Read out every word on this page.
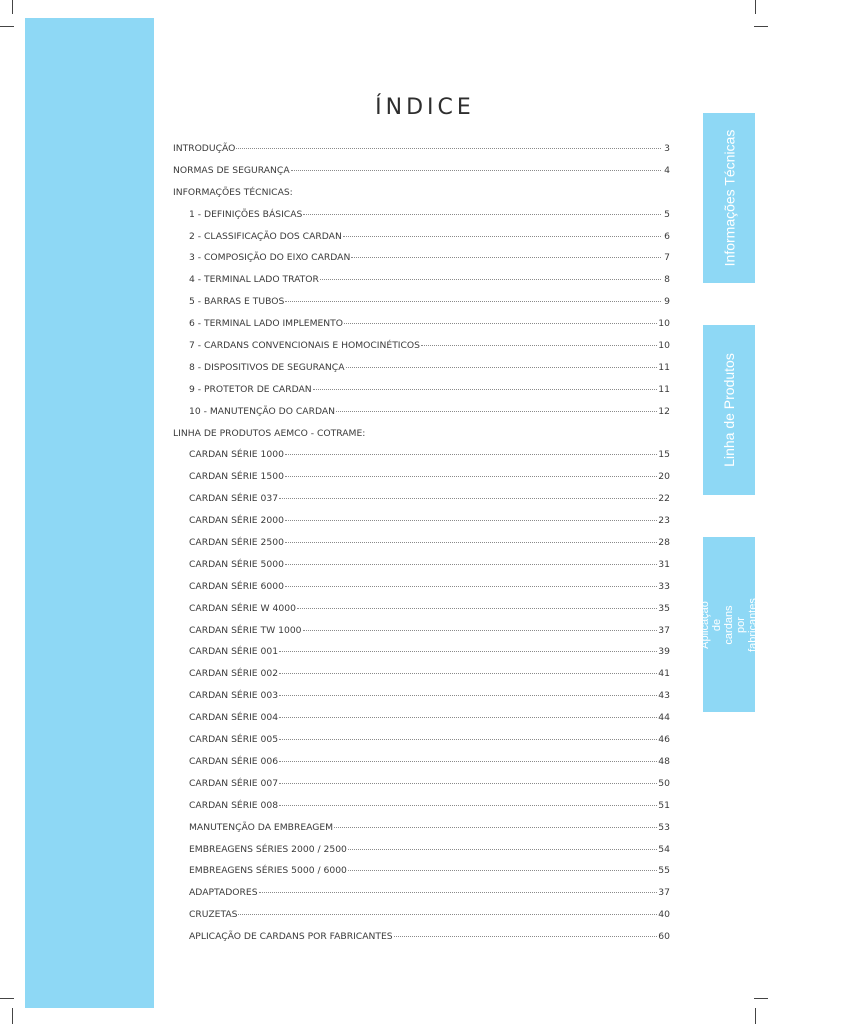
ÍNDICE
INTRODUÇÃO	3
NORMAS DE SEGURANÇA	4
INFORMAÇÕES TÉCNICAS:
1 - DEFINIÇÕES BÁSICAS	5
2 - CLASSIFICAÇÃO DOS CARDAN	6
3 - COMPOSIÇÃO DO EIXO CARDAN	7
4 - TERMINAL LADO TRATOR	8
5 - BARRAS E TUBOS	9
6 - TERMINAL LADO IMPLEMENTO	10
7 - CARDANS CONVENCIONAIS E HOMOCINÉTICOS	10
8 - DISPOSITIVOS DE SEGURANÇA	11
9 - PROTETOR DE CARDAN	11
10 - MANUTENÇÃO DO CARDAN	12
LINHA DE PRODUTOS AEMCO - COTRAME:
CARDAN SÉRIE 1000	15
CARDAN SÉRIE 1500	20
CARDAN SÉRIE 037	22
CARDAN SÉRIE 2000	23
CARDAN SÉRIE 2500	28
CARDAN SÉRIE 5000	31
CARDAN SÉRIE 6000	33
CARDAN SÉRIE W 4000	35
CARDAN SÉRIE TW 1000	37
CARDAN SÉRIE 001	39
CARDAN SÉRIE 002	41
CARDAN SÉRIE 003	43
CARDAN SÉRIE 004	44
CARDAN SÉRIE 005	46
CARDAN SÉRIE 006	48
CARDAN SÉRIE 007	50
CARDAN SÉRIE 008	51
MANUTENÇÃO DA EMBREAGEM	53
EMBREAGENS SÉRIES 2000 / 2500	54
EMBREAGENS SÉRIES 5000 / 6000	55
ADAPTADORES	37
CRUZETAS	40
APLICAÇÃO DE CARDANS POR FABRICANTES	60
Informações Técnicas
Linha de Produtos
Aplicação de cardans por fabricantes
